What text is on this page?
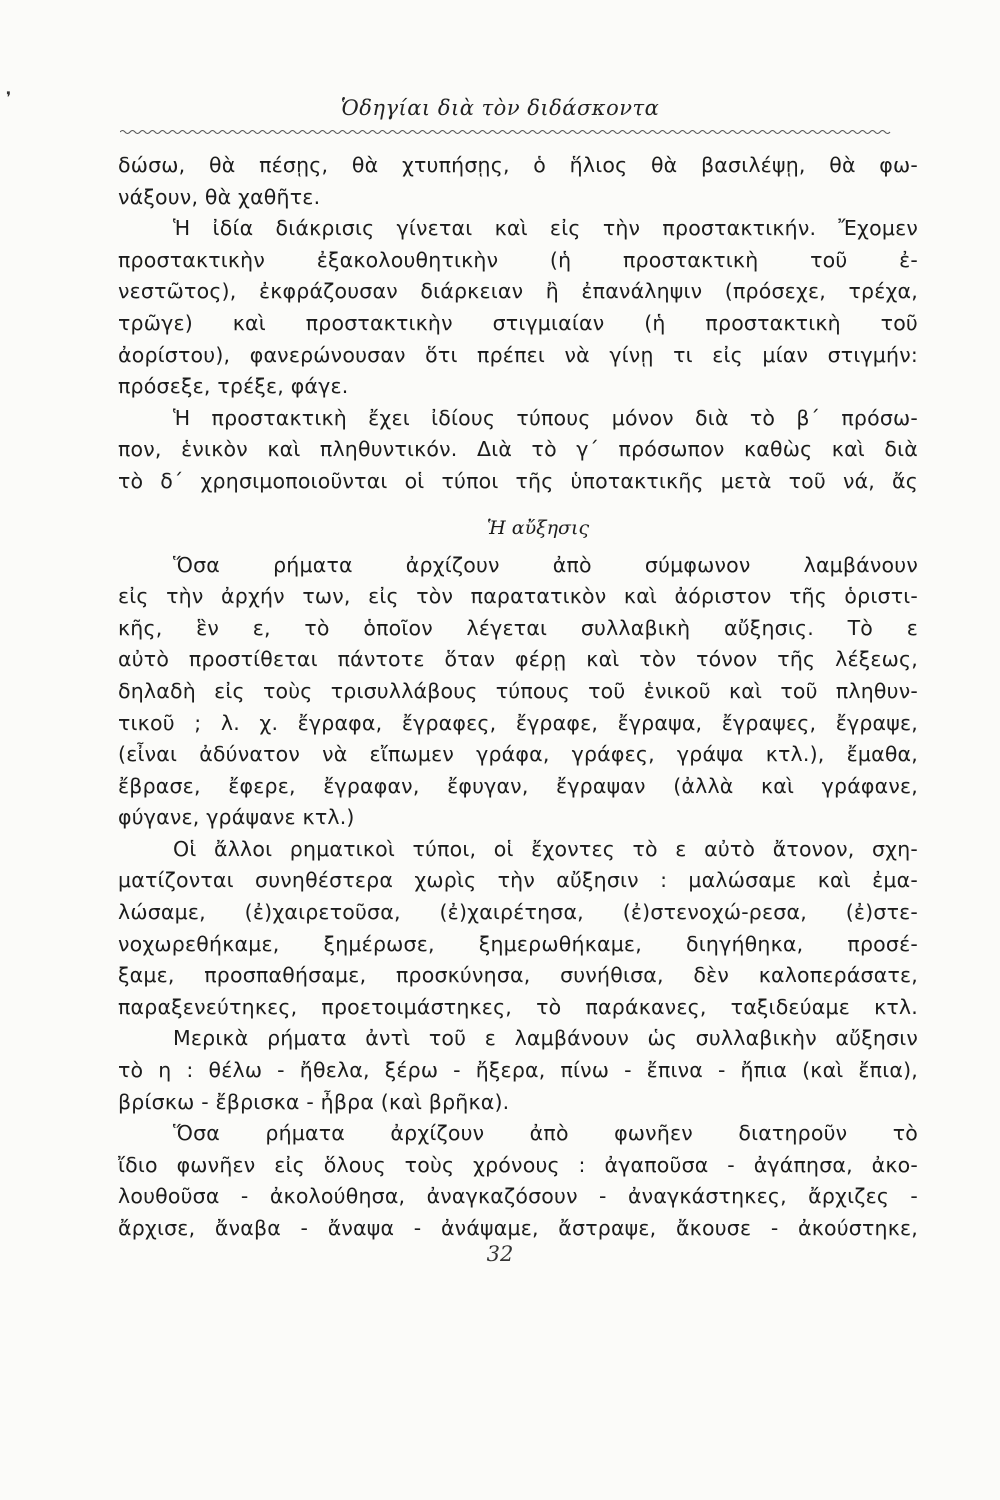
❜	Ὁδηγίαι διὰ τὸν διδάσκοντα
δώσω, θὰ πέσῃς, θὰ χτυπήσῃς, ὁ ἥλιος θὰ βασιλέψῃ, θὰ φω-
νάξουν, θὰ χαθῆτε.
Ἡ ἰδία διάκρισις γίνεται καὶ εἰς τὴν προστακτικήν. Ἔχομεν
προστακτικὴν ἐξακολουθητικὴν (ἡ προστακτικὴ τοῦ ἐ-
νεστῶτος), ἐκφράζουσαν διάρκειαν ἢ ἐπανάληψιν (πρόσεχε, τρέχα,
τρῶγε) καὶ προστακτικὴν στιγμιαίαν (ἡ προστακτικὴ τοῦ
ἀορίστου), φανερώνουσαν ὅτι πρέπει νὰ γίνῃ τι εἰς μίαν στιγμήν:
πρόσεξε, τρέξε, φάγε.
Ἡ προστακτικὴ ἔχει ἰδίους τύπους μόνον διὰ τὸ β΄ πρόσω-
πον, ἑνικὸν καὶ πληθυντικόν. Διὰ τὸ γ΄ πρόσωπον καθὼς καὶ διὰ
τὸ δ΄ χρησιμοποιοῦνται οἱ τύποι τῆς ὑποτακτικῆς μετὰ τοῦ νά, ἄς
Ἡ αὔξησις
Ὅσα ρήματα ἀρχίζουν ἀπὸ σύμφωνον λαμβάνουν
εἰς τὴν ἀρχήν των, εἰς τὸν παρατατικὸν καὶ ἀόριστον τῆς ὁριστι-
κῆς, ἓν ε, τὸ ὁποῖον λέγεται συλλαβικὴ αὔξησις. Τὸ ε
αὐτὸ προστίθεται πάντοτε ὅταν φέρῃ καὶ τὸν τόνον τῆς λέξεως,
δηλαδὴ εἰς τοὺς τρισυλλάβους τύπους τοῦ ἑνικοῦ καὶ τοῦ πληθυν-
τικοῦ ; λ. χ. ἔγραφα, ἔγραφες, ἔγραφε, ἔγραψα, ἔγραψες, ἔγραψε,
(εἶναι ἀδύνατον νὰ εἴπωμεν γράφα, γράφες, γράψα κτλ.), ἔμαθα,
ἔβρασε, ἔφερε, ἔγραφαν, ἔφυγαν, ἔγραψαν (ἀλλὰ καὶ γράφανε,
φύγανε, γράψανε κτλ.)
Οἱ ἄλλοι ρηματικοὶ τύποι, οἱ ἔχοντες τὸ ε αὐτὸ ἄτονον, σχη-
ματίζονται συνηθέστερα χωρὶς τὴν αὔξησιν : μαλώσαμε καὶ ἐμα-
λώσαμε, (ἐ)χαιρετοῦσα, (ἐ)χαιρέτησα, (ἐ)στενοχώ-ρεσα, (ἐ)στε-
νοχωρεθήκαμε, ξημέρωσε, ξημερωθήκαμε, διηγήθηκα, προσέ-
ξαμε, προσπαθήσαμε, προσκύνησα, συνήθισα, δὲν καλοπεράσατε,
παραξενεύτηκες, προετοιμάστηκες, τὸ παράκανες, ταξιδεύαμε κτλ.
Μερικὰ ρήματα ἀντὶ τοῦ ε λαμβάνουν ὡς συλλαβικὴν αὔξησιν
τὸ η : θέλω - ἤθελα, ξέρω - ἤξερα, πίνω - ἔπινα - ἤπια (καὶ ἔπια),
βρίσκω - ἔβρισκα - ἦβρα (καὶ βρῆκα).
Ὅσα ρήματα ἀρχίζουν ἀπὸ φωνῆεν διατηροῦν τὸ
ἴδιο φωνῆεν εἰς ὅλους τοὺς χρόνους : ἀγαποῦσα - ἀγάπησα, ἀκο-
λουθοῦσα - ἀκολούθησα, ἀναγκαζόσουν - ἀναγκάστηκες, ἄρχιζες -
ἄρχισε, ἄναβα - ἄναψα - ἀνάψαμε, ἄστραψε, ἄκουσε - ἀκούστηκε,
32
